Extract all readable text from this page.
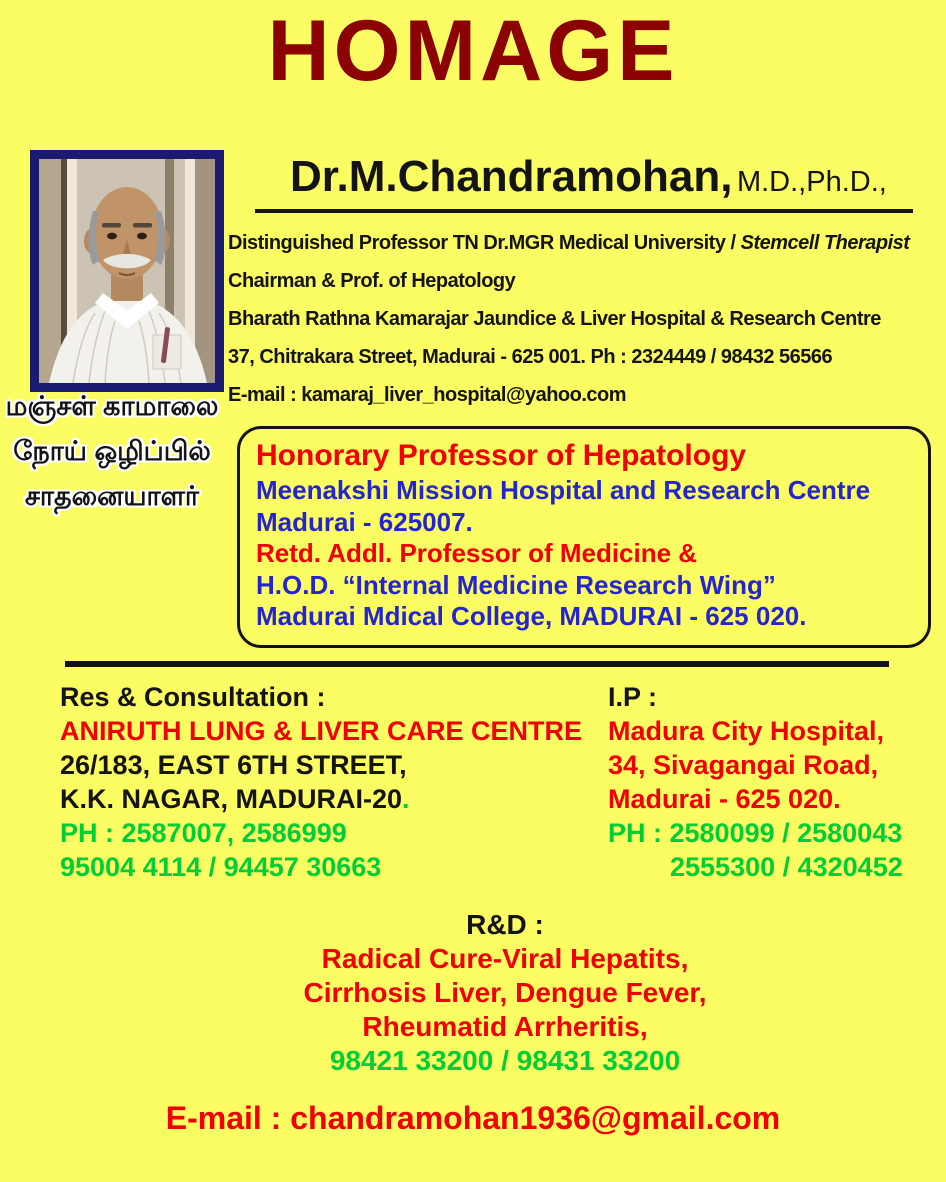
HOMAGE
Dr.M.Chandramohan, M.D.,Ph.D.,
Distinguished Professor TN Dr.MGR Medical University / Stemcell Therapist
Chairman & Prof. of Hepatology
Bharath Rathna Kamarajar Jaundice & Liver Hospital & Research Centre
37, Chitrakara Street, Madurai - 625 001. Ph : 2324449 / 98432 56566
E-mail : kamaraj_liver_hospital@yahoo.com
மஞ்சள் காமாலை
நோய் ஒழிப்பில்
சாதனையாளர்
Honorary Professor of Hepatology
Meenakshi Mission Hospital and Research Centre
Madurai - 625007.
Retd. Addl. Professor of Medicine &
H.O.D. “Internal Medicine Research Wing”
Madurai Mdical College, MADURAI - 625 020.
Res & Consultation :
ANIRUTH LUNG & LIVER CARE CENTRE
26/183, EAST 6TH STREET,
K.K. NAGAR, MADURAI-20.
PH : 2587007, 2586999
95004 4114 / 94457 30663
I.P :
Madura City Hospital,
34, Sivagangai Road,
Madurai - 625 020.
PH : 2580099 / 2580043
2555300 / 4320452
R&D :
Radical Cure-Viral Hepatits,
Cirrhosis Liver, Dengue Fever,
Rheumatid Arrheritis,
98421 33200 / 98431 33200
E-mail : chandramohan1936@gmail.com
